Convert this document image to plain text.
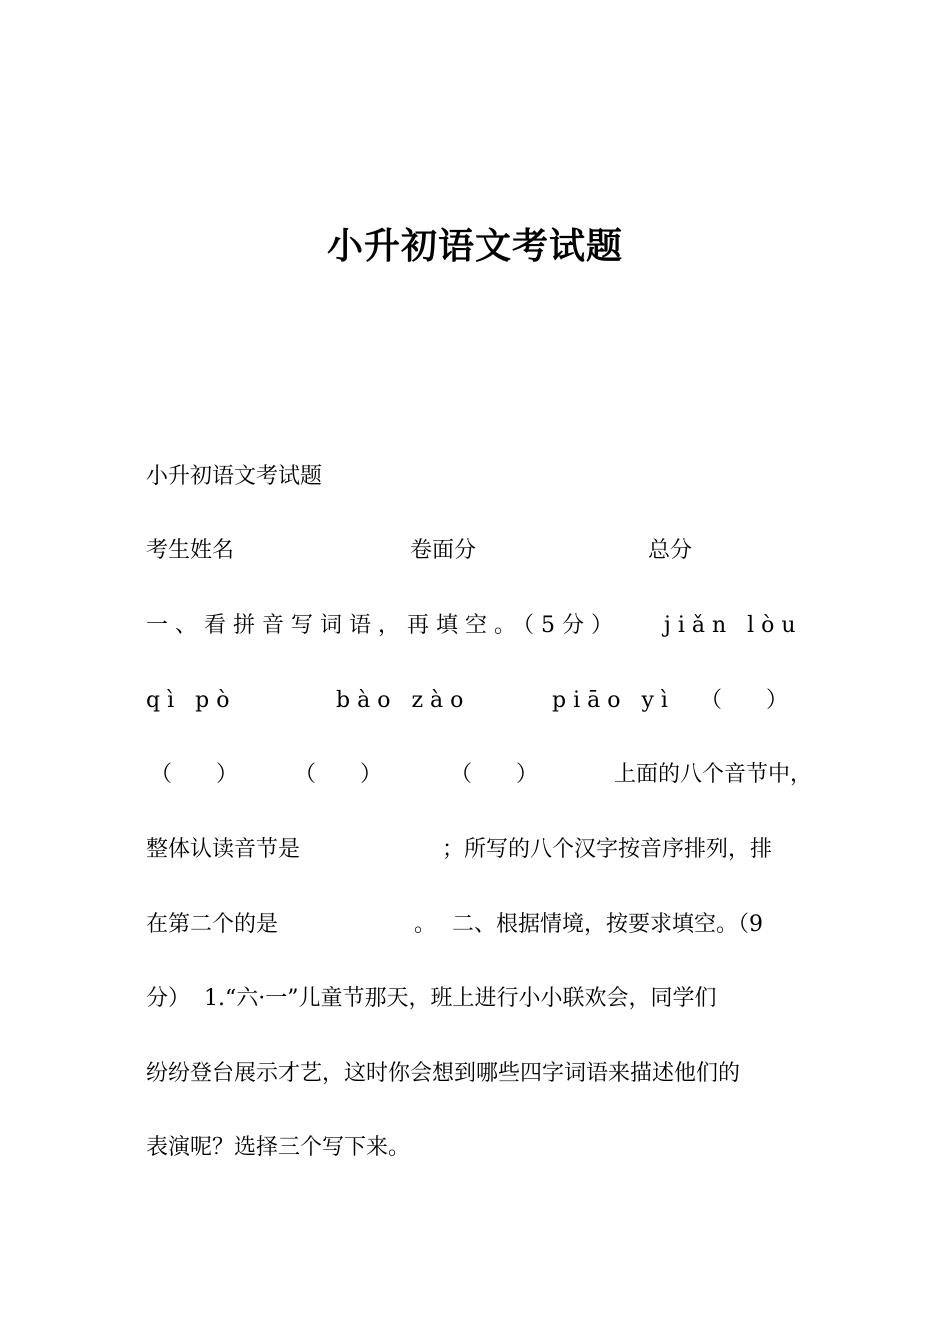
小升初语文考试题
小升初语文考试题
考生姓名	卷面分	总分
一、看拼音写词语，再填空。（5分） jiǎn lòu
qì pò	bào zào	piāo yì （　　）
（　　）	（　　）	（　　）	上面的八个音节中，
整体认读音节是	；所写的八个汉字按音序排列，排
在第二个的是	。 二、根据情境，按要求填空。（9
分） 1.“六·一”儿童节那天，班上进行小小联欢会，同学们
纷纷登台展示才艺，这时你会想到哪些四字词语来描述他们的
表演呢？选择三个写下来。
